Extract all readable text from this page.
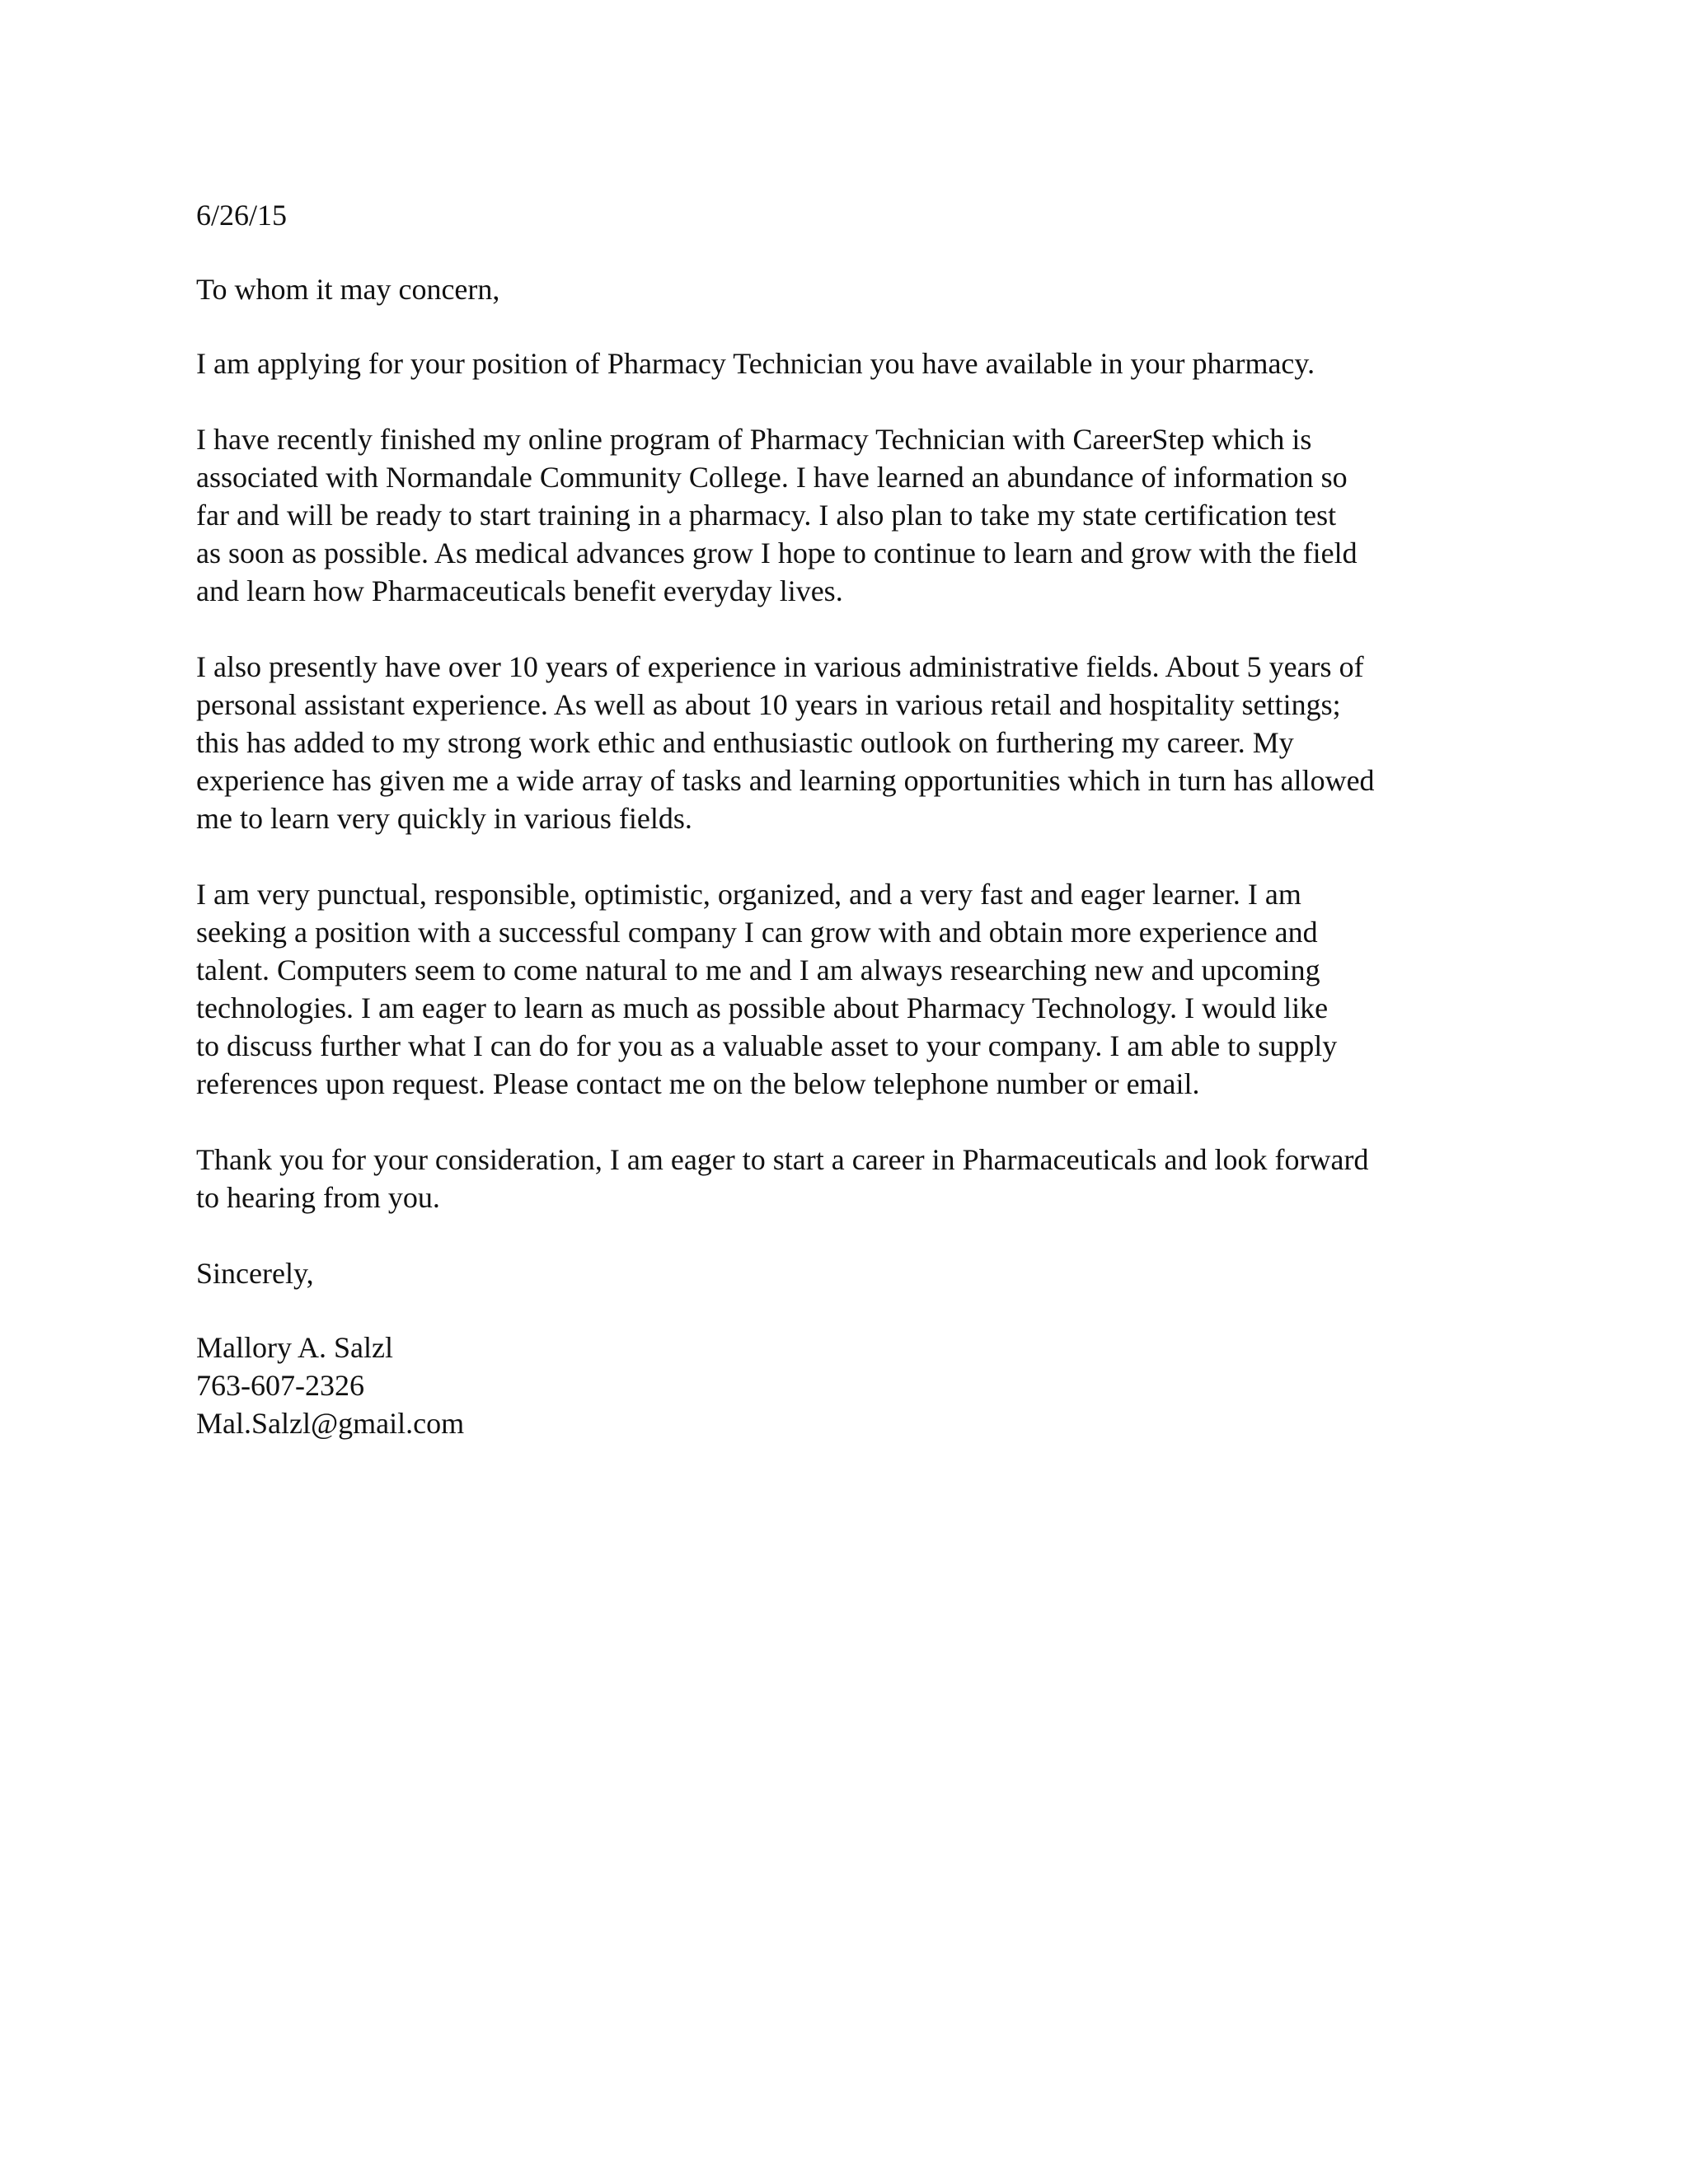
6/26/15
To whom it may concern,
I am applying for your position of Pharmacy Technician you have available in your pharmacy.
I have recently finished my online program of Pharmacy Technician with CareerStep which is
associated with Normandale Community College. I have learned an abundance of information so
far and will be ready to start training in a pharmacy. I also plan to take my state certification test
as soon as possible. As medical advances grow I hope to continue to learn and grow with the field
and learn how Pharmaceuticals benefit everyday lives.
I also presently have over 10 years of experience in various administrative fields. About 5 years of
personal assistant experience. As well as about 10 years in various retail and hospitality settings;
this has added to my strong work ethic and enthusiastic outlook on furthering my career. My
experience has given me a wide array of tasks and learning opportunities which in turn has allowed
me to learn very quickly in various fields.
I am very punctual, responsible, optimistic, organized, and a very fast and eager learner. I am
seeking a position with a successful company I can grow with and obtain more experience and
talent. Computers seem to come natural to me and I am always researching new and upcoming
technologies. I am eager to learn as much as possible about Pharmacy Technology. I would like
to discuss further what I can do for you as a valuable asset to your company. I am able to supply
references upon request. Please contact me on the below telephone number or email.
Thank you for your consideration, I am eager to start a career in Pharmaceuticals and look forward
to hearing from you.
Sincerely,
Mallory A. Salzl
763-607-2326
Mal.Salzl@gmail.com
